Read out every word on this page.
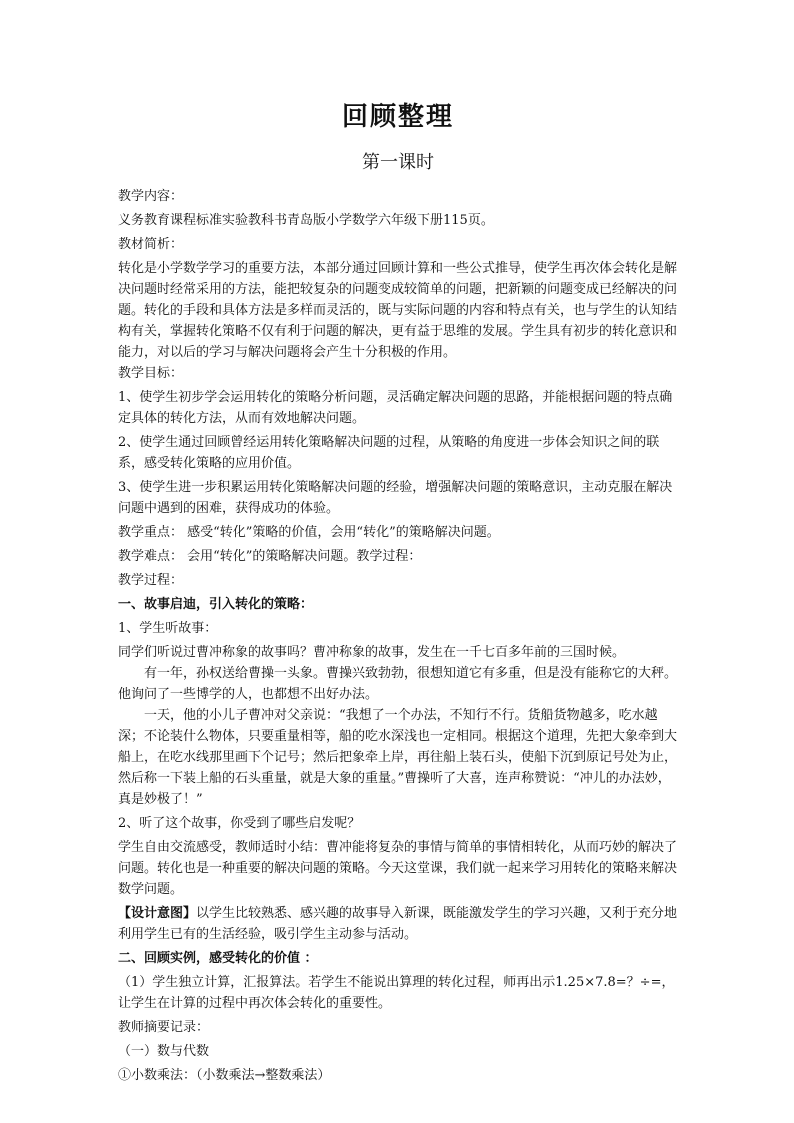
回顾整理
第一课时

教学内容：

义务教育课程标准实验教科书青岛版小学数学六年级下册115页。

教材简析：

转化是小学数学学习的重要方法，本部分通过回顾计算和一些公式推导，使学生再次体会转化是解决问题时经常采用的方法，能把较复杂的问题变成较简单的问题，把新颖的问题变成已经解决的问题。转化的手段和具体方法是多样而灵活的，既与实际问题的内容和特点有关，也与学生的认知结构有关，掌握转化策略不仅有利于问题的解决，更有益于思维的发展。学生具有初步的转化意识和能力，对以后的学习与解决问题将会产生十分积极的作用。

教学目标：

1、使学生初步学会运用转化的策略分析问题，灵活确定解决问题的思路，并能根据问题的特点确定具体的转化方法，从而有效地解决问题。

2、使学生通过回顾曾经运用转化策略解决问题的过程，从策略的角度进一步体会知识之间的联系，感受转化策略的应用价值。

3、使学生进一步积累运用转化策略解决问题的经验，增强解决问题的策略意识，主动克服在解决问题中遇到的困难，获得成功的体验。

教学重点： 感受“转化”策略的价值，会用“转化”的策略解决问题。

教学难点： 会用“转化”的策略解决问题。教学过程：

教学过程：

一、故事启迪，引入转化的策略：

1、学生听故事：

同学们听说过曹冲称象的故事吗？曹冲称象的故事，发生在一千七百多年前的三国时候。

有一年，孙权送给曹操一头象。曹操兴致勃勃，很想知道它有多重，但是没有能称它的大秤。他询问了一些博学的人，也都想不出好办法。

一天，他的小儿子曹冲对父亲说：“我想了一个办法，不知行不行。货船货物越多，吃水越深；不论装什么物体，只要重量相等，船的吃水深浅也一定相同。根据这个道理，先把大象牵到大船上，在吃水线那里画下个记号；然后把象牵上岸，再往船上装石头，使船下沉到原记号处为止，然后称一下装上船的石头重量，就是大象的重量。”曹操听了大喜，连声称赞说：“冲儿的办法妙，真是妙极了！”

2、听了这个故事，你受到了哪些启发呢？

学生自由交流感受，教师适时小结：曹冲能将复杂的事情与简单的事情相转化，从而巧妙的解决了问题。转化也是一种重要的解决问题的策略。今天这堂课，我们就一起来学习用转化的策略来解决数学问题。

【设计意图】以学生比较熟悉、感兴趣的故事导入新课，既能激发学生的学习兴趣，又利于充分地利用学生已有的生活经验，吸引学生主动参与活动。

二、回顾实例，感受转化的价值 ：

（1）学生独立计算，汇报算法。若学生不能说出算理的转化过程，师再出示1.25×7.8=？÷=，让学生在计算的过程中再次体会转化的重要性。

教师摘要记录：

（一）数与代数

①小数乘法：（小数乘法→整数乘法）
